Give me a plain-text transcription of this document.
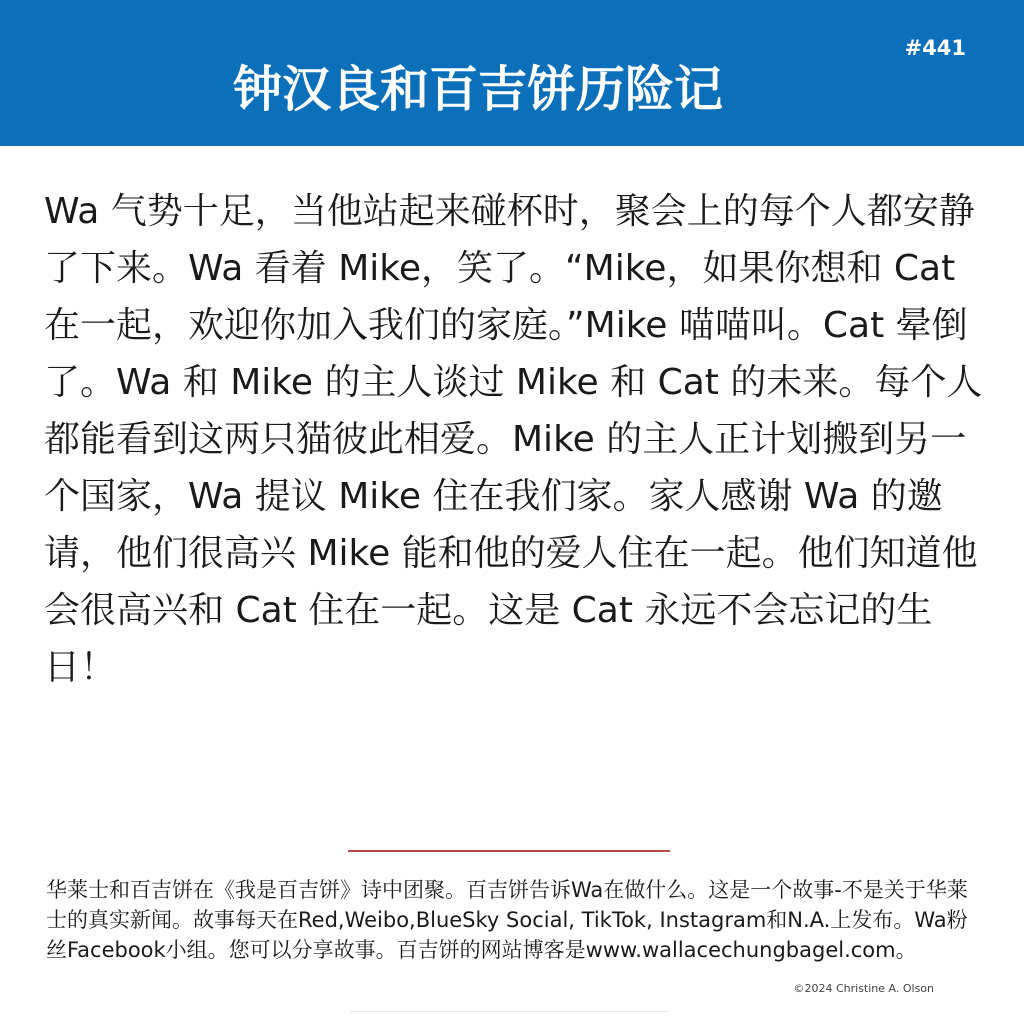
钟汉良和百吉饼历险记
#441
Wa 气势十足，当他站起来碰杯时，聚会上的每个人都安静了下来。Wa 看着 Mike，笑了。“Mike，如果你想和 Cat 在一起，欢迎你加入我们的家庭。”Mike 喵喵叫。Cat 晕倒了。Wa 和 Mike 的主人谈过 Mike 和 Cat 的未来。每个人都能看到这两只猫彼此相爱。Mike 的主人正计划搬到另一个国家，Wa 提议 Mike 住在我们家。家人感谢 Wa 的邀请，他们很高兴 Mike 能和他的爱人住在一起。他们知道他会很高兴和 Cat 住在一起。这是 Cat 永远不会忘记的生日！
华莱士和百吉饼在《我是百吉饼》诗中团聚。百吉饼告诉Wa在做什么。这是一个故事-不是关于华莱士的真实新闻。故事每天在Red,Weibo,BlueSky Social, TikTok, Instagram和N.A.上发布。Wa粉丝Facebook小组。您可以分享故事。百吉饼的网站博客是www.wallacechungbagel.com。
©2024 Christine A. Olson
